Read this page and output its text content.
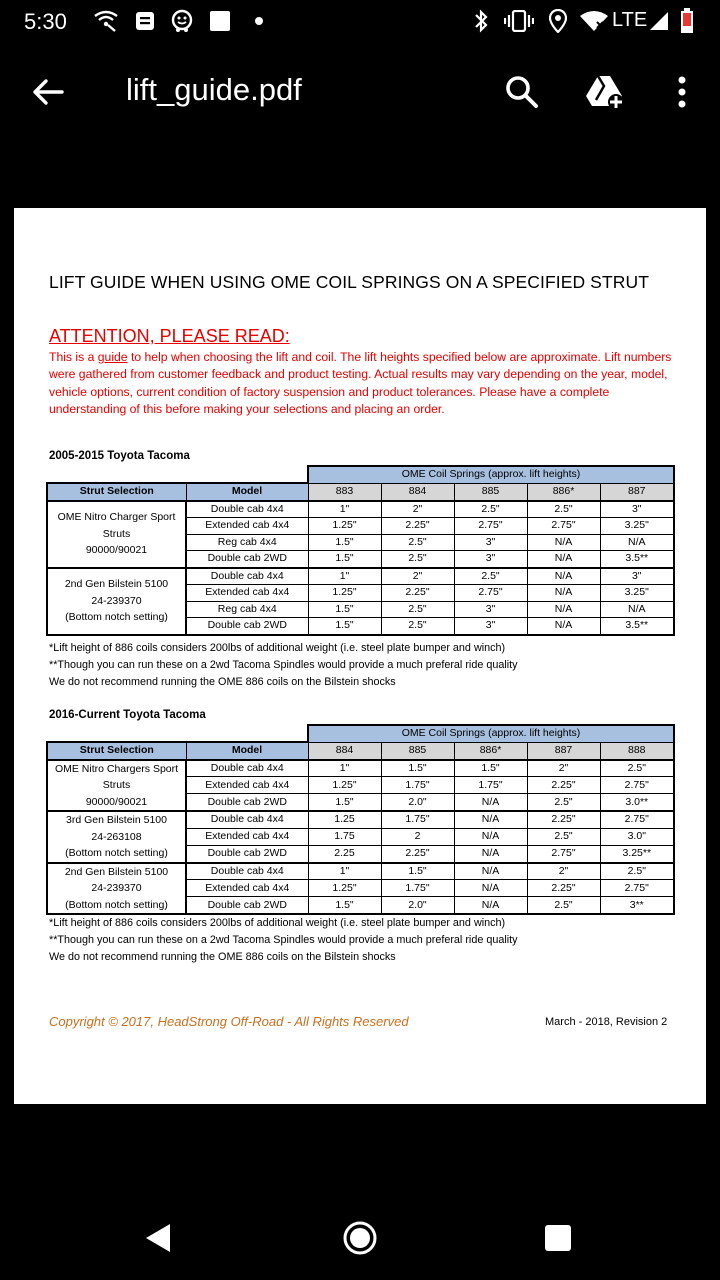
5:30	LTE
lift_guide.pdf
LIFT GUIDE WHEN USING OME COIL SPRINGS ON A SPECIFIED STRUT
ATTENTION, PLEASE READ:
This is a guide to help when choosing the lift and coil. The lift heights specified below are approximate. Lift numbers were gathered from customer feedback and product testing. Actual results may vary depending on the year, model, vehicle options, current condition of factory suspension and product tolerances. Please have a complete understanding of this before making your selections and placing an order.
2005-2015 Toyota Tacoma
		OME Coil Springs (approx. lift heights)				
Strut Selection	Model	883	884	885	886*	887

OME Nitro Charger Sport
Struts
90000/90021	Double cab 4x4	1"	2"	2.5"	2.5"	3"
	Extended cab 4x4	1.25"	2.25"	2.75"	2.75"	3.25"
	Reg cab 4x4	1.5"	2.5"	3"	N/A	N/A
	Double cab 2WD	1.5"	2.5"	3"	N/A	3.5**

2nd Gen Bilstein 5100
24-239370
(Bottom notch setting)	Double cab 4x4	1"	2"	2.5"	N/A	3"
	Extended cab 4x4	1.25"	2.25"	2.75"	N/A	3.25"
	Reg cab 4x4	1.5"	2.5"	3"	N/A	N/A
	Double cab 2WD	1.5"	2.5"	3"	N/A	3.5**
*Lift height of 886 coils considers 200lbs of additional weight (i.e. steel plate bumper and winch)
**Though you can run these on a 2wd Tacoma Spindles would provide a much preferal ride quality
We do not recommend running the OME 886 coils on the Bilstein shocks
2016-Current Toyota Tacoma
		OME Coil Springs (approx. lift heights)				
Strut Selection	Model	884	885	886*	887	888

OME Nitro Chargers Sport
Struts
90000/90021	Double cab 4x4	1"	1.5"	1.5"	2"	2.5"
	Extended cab 4x4	1.25"	1.75"	1.75"	2.25"	2.75"
	Double cab 2WD	1.5"	2.0"	N/A	2.5"	3.0**

3rd Gen Bilstein 5100
24-263108
(Bottom notch setting)	Double cab 4x4	1.25	1.75"	N/A	2.25"	2.75"
	Extended cab 4x4	1.75	2	N/A	2.5"	3.0"
	Double cab 2WD	2.25	2.25"	N/A	2.75"	3.25**

2nd Gen Bilstein 5100
24-239370
(Bottom notch setting)	Double cab 4x4	1"	1.5"	N/A	2"	2.5"
	Extended cab 4x4	1.25"	1.75"	N/A	2.25"	2.75"
	Double cab 2WD	1.5"	2.0"	N/A	2.5"	3**
*Lift height of 886 coils considers 200lbs of additional weight (i.e. steel plate bumper and winch)
**Though you can run these on a 2wd Tacoma Spindles would provide a much preferal ride quality
We do not recommend running the OME 886 coils on the Bilstein shocks
Copyright © 2017, HeadStrong Off-Road - All Rights Reserved	March - 2018, Revision 2
